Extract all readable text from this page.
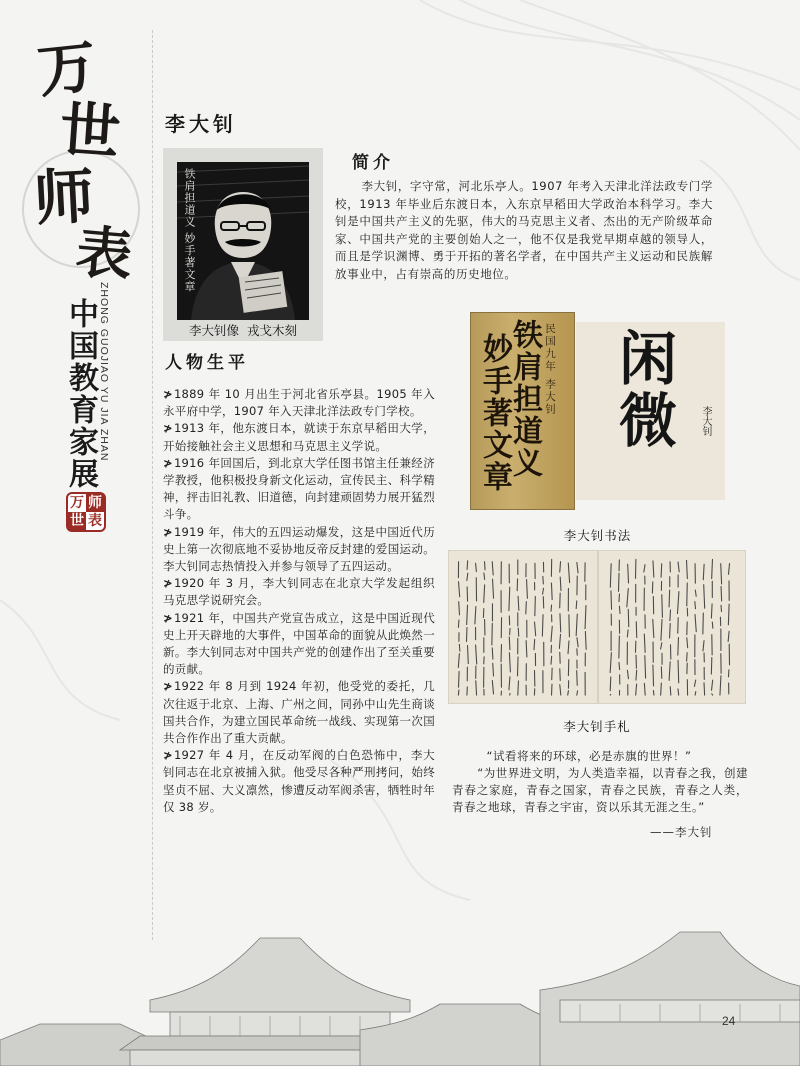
万
世
师
表
ZHONG GUOJIAO YU JIA ZHAN
中国教育家展
万 师
世 表
李大钊
铁肩担道义 妙手著文章
李大钊像  戎戈木刻
简介
李大钊，字守常，河北乐亭人。1907 年考入天津北洋法政专门学校，1913 年毕业后东渡日本，入东京早稻田大学政治本科学习。李大钊是中国共产主义的先驱，伟大的马克思主义者、杰出的无产阶级革命家、中国共产党的主要创始人之一，他不仅是我党早期卓越的领导人，而且是学识渊博、勇于开拓的著名学者，在中国共产主义运动和民族解放事业中，占有崇高的历史地位。
铁肩担道义
妙手著文章	民国九年 李大钊 闲微	李大钊
李大钊书法
李大钊手札

“试看将来的环球，必是赤旗的世界！”

“为世界进文明，为人类造幸福，以青春之我，创建青春之家庭，青春之国家，青春之民族，青春之人类，青春之地球，青春之宇宙，资以乐其无涯之生。”

——李大钊
人物生平

≯1889 年 10 月出生于河北省乐亭县。1905 年入永平府中学，1907 年入天津北洋法政专门学校。

≯1913 年，他东渡日本，就读于东京早稻田大学，开始接触社会主义思想和马克思主义学说。

≯1916 年回国后，到北京大学任图书馆主任兼经济学教授，他积极投身新文化运动，宣传民主、科学精神，抨击旧礼教、旧道德，向封建顽固势力展开猛烈斗争。

≯1919 年，伟大的五四运动爆发，这是中国近代历史上第一次彻底地不妥协地反帝反封建的爱国运动。李大钊同志热情投入并参与领导了五四运动。

≯1920 年 3 月，李大钊同志在北京大学发起组织马克思学说研究会。

≯1921 年，中国共产党宣告成立，这是中国近现代史上开天辟地的大事件，中国革命的面貌从此焕然一新。李大钊同志对中国共产党的创建作出了至关重要的贡献。

≯1922 年 8 月到 1924 年初，他受党的委托，几次往返于北京、上海、广州之间，同孙中山先生商谈国共合作，为建立国民革命统一战线、实现第一次国共合作作出了重大贡献。

≯1927 年 4 月，在反动军阀的白色恐怖中，李大钊同志在北京被捕入狱。他受尽各种严刑拷问，始终坚贞不屈、大义凛然，惨遭反动军阀杀害，牺牲时年仅 38 岁。

24
